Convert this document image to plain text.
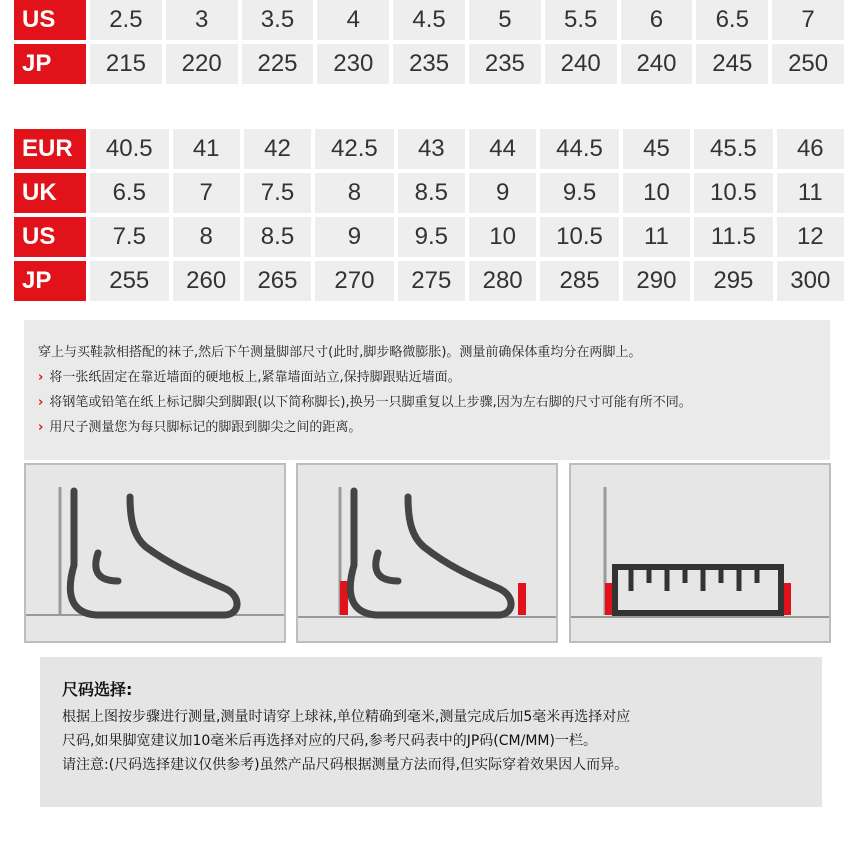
US	2.5	3	3.5	4	4.5	5	5.5	6	6.5	7
JP	215	220	225	230	235	235	240	240	245	250
EUR	40.5	41	42	42.5	43	44	44.5	45	45.5	46
UK	6.5	7	7.5	8	8.5	9	9.5	10	10.5	11
US	7.5	8	8.5	9	9.5	10	10.5	11	11.5	12
JP	255	260	265	270	275	280	285	290	295	300
穿上与买鞋款相搭配的袜子,然后下午测量脚部尺寸(此时,脚步略微膨胀)。测量前确保体重均分在两脚上。
› 将一张纸固定在靠近墙面的硬地板上,紧靠墙面站立,保持脚跟贴近墙面。
› 将钢笔或铅笔在纸上标记脚尖到脚跟(以下简称脚长),换另一只脚重复以上步骤,因为左右脚的尺寸可能有所不同。
› 用尺子测量您为每只脚标记的脚跟到脚尖之间的距离。
尺码选择:
根据上图按步骤进行测量,测量时请穿上球袜,单位精确到毫米,测量完成后加5毫米再选择对应
尺码,如果脚宽建议加10毫米后再选择对应的尺码,参考尺码表中的JP码(CM/MM)一栏。
请注意:(尺码选择建议仅供参考)虽然产品尺码根据测量方法而得,但实际穿着效果因人而异。
